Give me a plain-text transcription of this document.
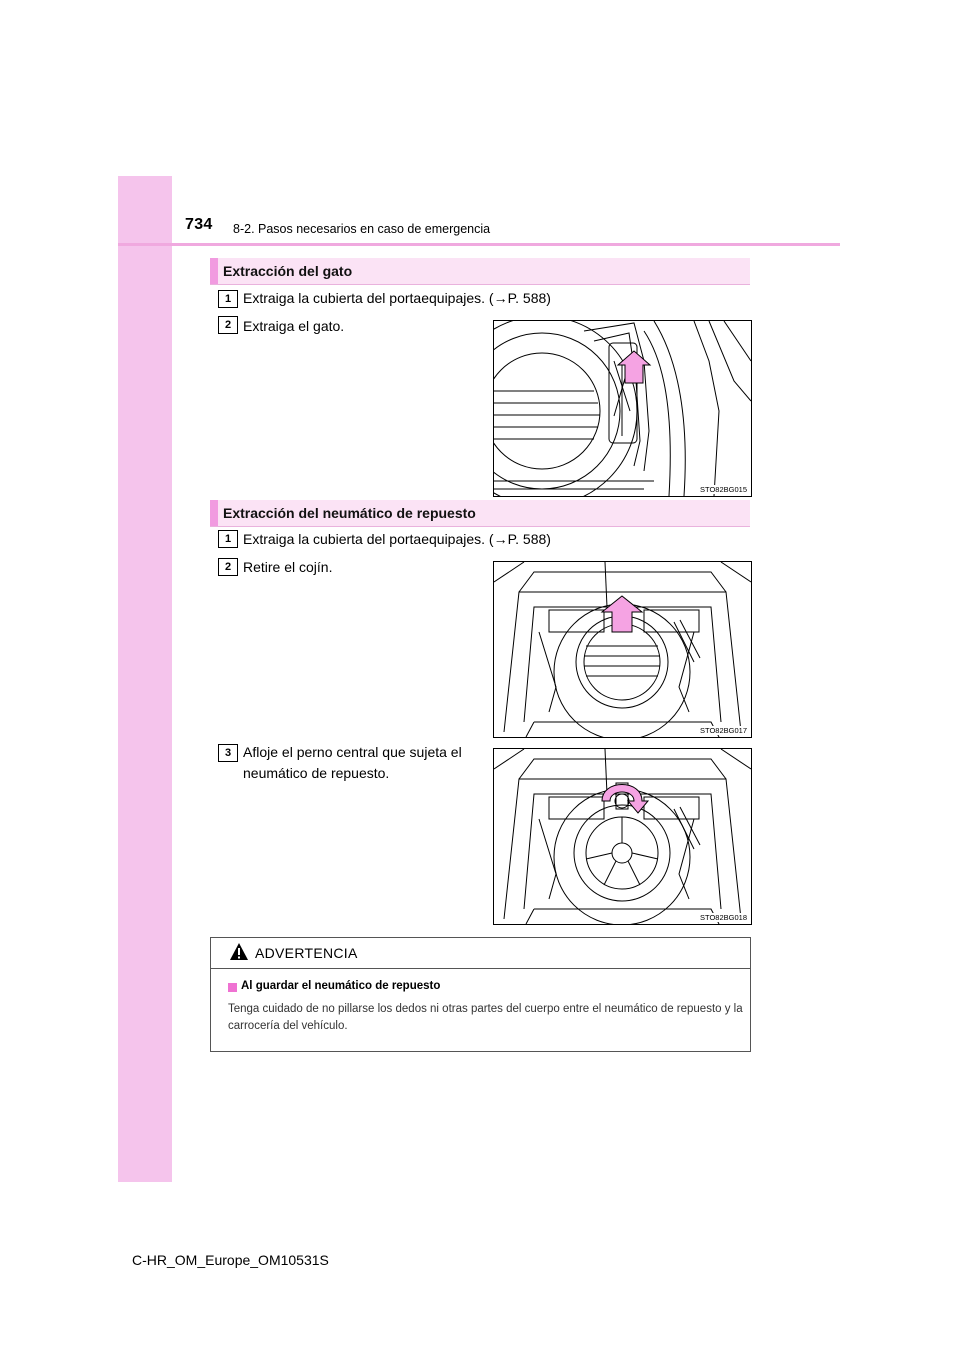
734 8-2. Pasos necesarios en caso de emergencia
Extracción del gato
1 Extraiga la cubierta del portaequipajes. (→P. 588)
2 Extraiga el gato.
STO82BG015
Extracción del neumático de repuesto
1 Extraiga la cubierta del portaequipajes. (→P. 588)
2 Retire el cojín.
STO82BG017
3 Afloje el perno central que sujeta el neumático de repuesto.
STO82BG018
ADVERTENCIA
Al guardar el neumático de repuesto
Tenga cuidado de no pillarse los dedos ni otras partes del cuerpo entre el neumático de repuesto y la carrocería del vehículo.
C-HR_OM_Europe_OM10531S
